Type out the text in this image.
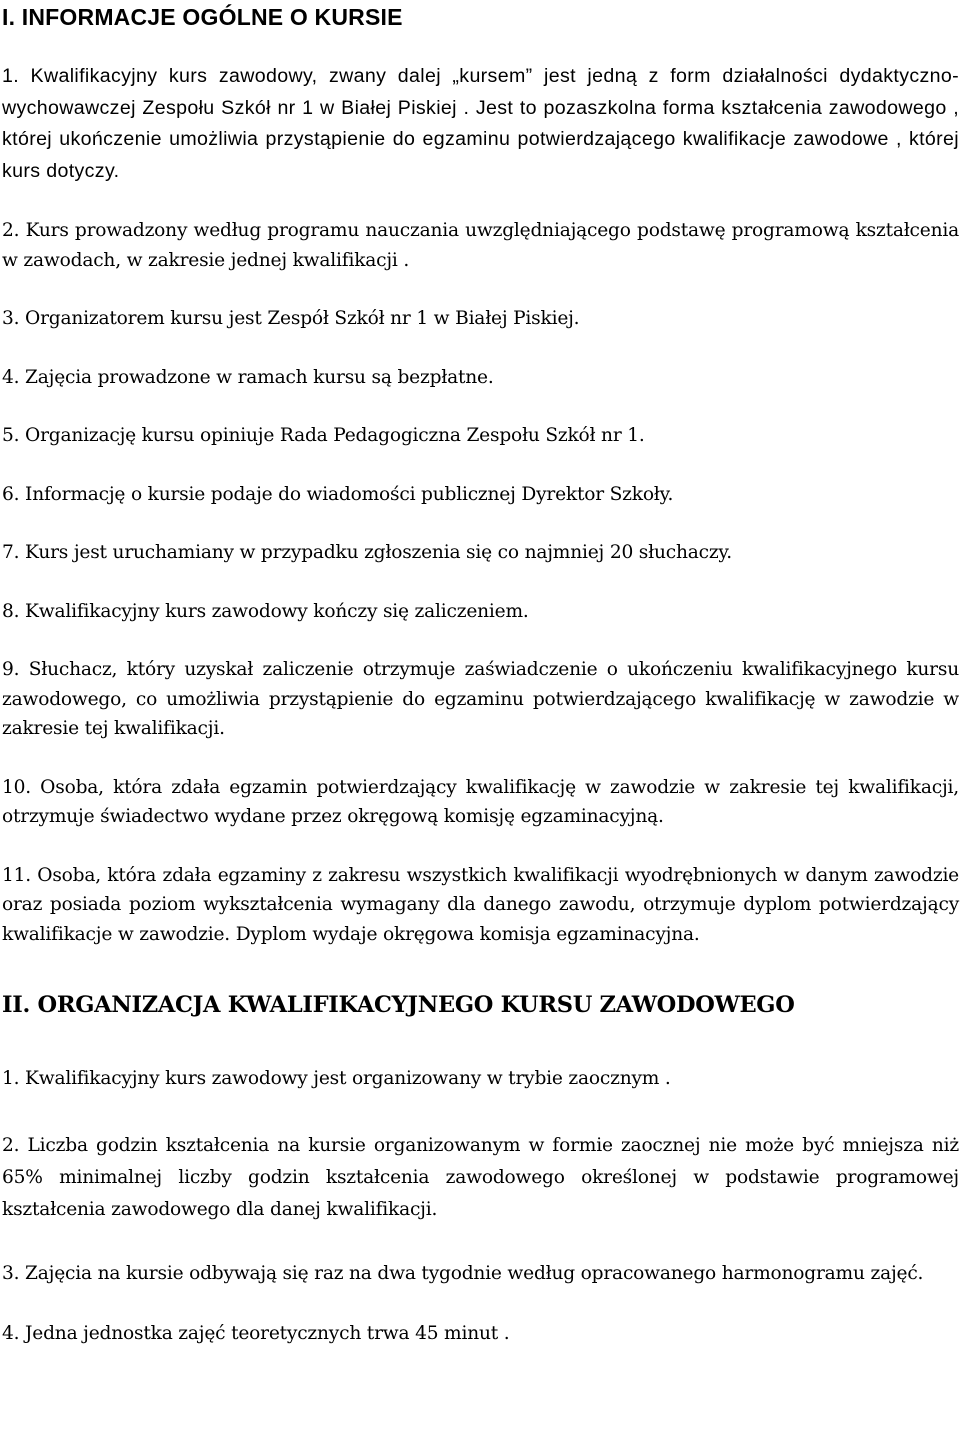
I. INFORMACJE OGÓLNE O KURSIE

1. Kwalifikacyjny kurs zawodowy, zwany dalej „kursem” jest jedną z form działalności dydaktyczno-wychowawczej Zespołu Szkół nr 1 w Białej Piskiej . Jest to pozaszkolna forma kształcenia zawodowego , której ukończenie umożliwia przystąpienie do egzaminu potwierdzającego kwalifikacje zawodowe , której kurs dotyczy.

2. Kurs prowadzony według programu nauczania uwzględniającego podstawę programową kształcenia w zawodach, w zakresie jednej kwalifikacji .

3. Organizatorem kursu jest Zespół Szkół nr 1 w Białej Piskiej.

4. Zajęcia prowadzone w ramach kursu są bezpłatne.

5. Organizację kursu opiniuje Rada Pedagogiczna Zespołu Szkół nr 1.

6. Informację o kursie podaje do wiadomości publicznej Dyrektor Szkoły.

7. Kurs jest uruchamiany w przypadku zgłoszenia się co najmniej 20 słuchaczy.

8. Kwalifikacyjny kurs zawodowy kończy się zaliczeniem.

9. Słuchacz, który uzyskał zaliczenie otrzymuje zaświadczenie o ukończeniu kwalifikacyjnego kursu zawodowego, co umożliwia przystąpienie do egzaminu potwierdzającego kwalifikację w zawodzie w zakresie tej kwalifikacji.

10. Osoba, która zdała egzamin potwierdzający kwalifikację w zawodzie w zakresie tej kwalifikacji, otrzymuje świadectwo wydane przez okręgową komisję egzaminacyjną.

11. Osoba, która zdała egzaminy z zakresu wszystkich kwalifikacji wyodrębnionych w danym zawodzie oraz posiada poziom wykształcenia wymagany dla danego zawodu, otrzymuje dyplom potwierdzający kwalifikacje w zawodzie. Dyplom wydaje okręgowa komisja egzaminacyjna.

II. ORGANIZACJA KWALIFIKACYJNEGO KURSU ZAWODOWEGO

1. Kwalifikacyjny kurs zawodowy jest organizowany w trybie zaocznym .

2. Liczba godzin kształcenia na kursie organizowanym w formie zaocznej nie może być mniejsza niż 65% minimalnej liczby godzin kształcenia zawodowego określonej w podstawie programowej kształcenia zawodowego dla danej kwalifikacji.

3. Zajęcia na kursie odbywają się raz na dwa tygodnie według opracowanego harmonogramu zajęć.

4. Jedna jednostka zajęć teoretycznych trwa 45 minut .
